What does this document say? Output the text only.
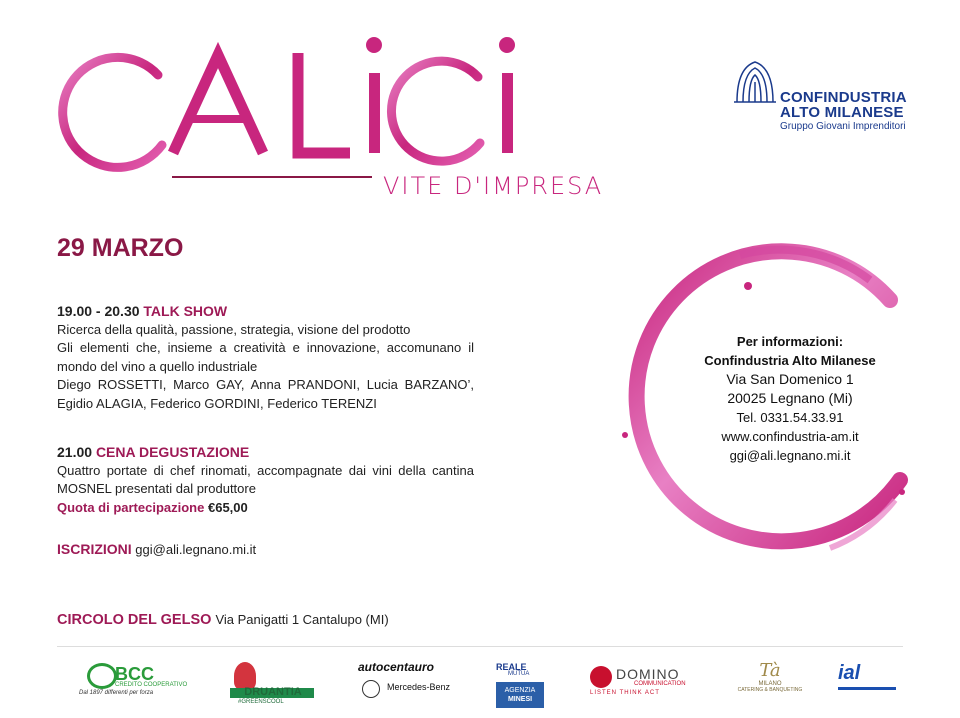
VITE D'IMPRESA
CONFINDUSTRIA
ALTO MILANESE
Gruppo Giovani Imprenditori
29 MARZO
19.00 - 20.30 TALK SHOW
Ricerca della qualità, passione, strategia, visione del prodotto
Gli elementi che, insieme a creatività e innovazione, accomunano il mondo del vino a quello industriale
Diego ROSSETTI, Marco GAY, Anna PRANDONI, Lucia BARZANO’, Egidio ALAGIA, Federico GORDINI, Federico TERENZI
21.00 CENA DEGUSTAZIONE
Quattro portate di chef rinomati, accompagnate dai vini della cantina MOSNEL presentati dal produttore
Quota di partecipazione €65,00
ISCRIZIONI ggi@ali.legnano.mi.it
CIRCOLO DEL GELSO Via Panigatti 1 Cantalupo (MI)
Per informazioni:
Confindustria Alto Milanese
Via San Domenico 1
20025 Legnano (Mi)
Tel. 0331.54.33.91
www.confindustria-am.it
ggi@ali.legnano.mi.it
BCC
CREDITO COOPERATIVO
Dal 1897 differenti per forza	DRUANTIA
#GREENSCOOL
autocentauro
Mercedes-Benz
REALE
MUTUA
AGENZIA
MINESI
DOMINO
COMMUNICATION
LISTEN THINK ACT
Tà
MILANO
CATERING & BANQUETING
ial
